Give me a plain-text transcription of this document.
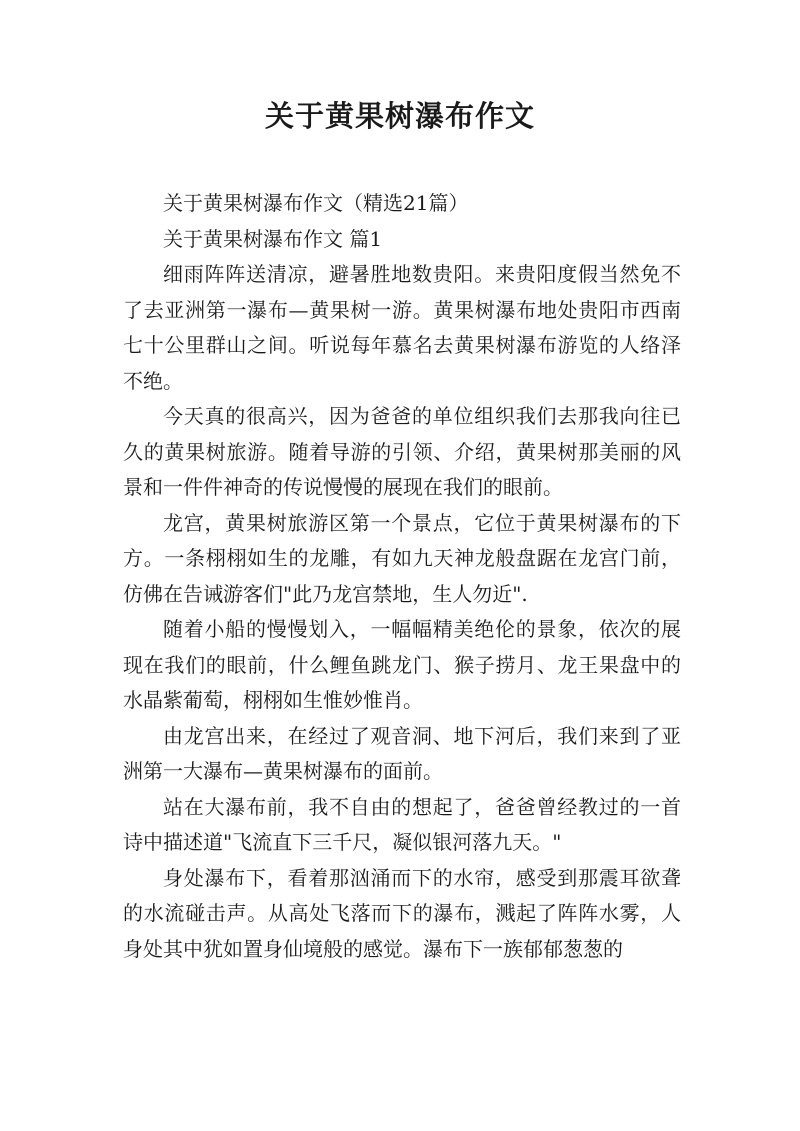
关于黄果树瀑布作文

关于黄果树瀑布作文（精选21篇）

关于黄果树瀑布作文 篇1

细雨阵阵送清凉，避暑胜地数贵阳。来贵阳度假当然免不了去亚洲第一瀑布—黄果树一游。黄果树瀑布地处贵阳市西南七十公里群山之间。听说每年慕名去黄果树瀑布游览的人络泽不绝。

今天真的很高兴，因为爸爸的单位组织我们去那我向往已久的黄果树旅游。随着导游的引领、介绍，黄果树那美丽的风景和一件件神奇的传说慢慢的展现在我们的眼前。

龙宫，黄果树旅游区第一个景点，它位于黄果树瀑布的下方。一条栩栩如生的龙雕，有如九天神龙般盘踞在龙宫门前，仿佛在告诫游客们"此乃龙宫禁地，生人勿近".

随着小船的慢慢划入，一幅幅精美绝伦的景象，依次的展现在我们的眼前，什么鲤鱼跳龙门、猴子捞月、龙王果盘中的水晶紫葡萄，栩栩如生惟妙惟肖。

由龙宫出来，在经过了观音洞、地下河后，我们来到了亚洲第一大瀑布—黄果树瀑布的面前。

站在大瀑布前，我不自由的想起了，爸爸曾经教过的一首诗中描述道"飞流直下三千尺，凝似银河落九天。"

身处瀑布下，看着那汹涌而下的水帘，感受到那震耳欲聋的水流碰击声。从高处飞落而下的瀑布，溅起了阵阵水雾，人身处其中犹如置身仙境般的感觉。瀑布下一族郁郁葱葱的
